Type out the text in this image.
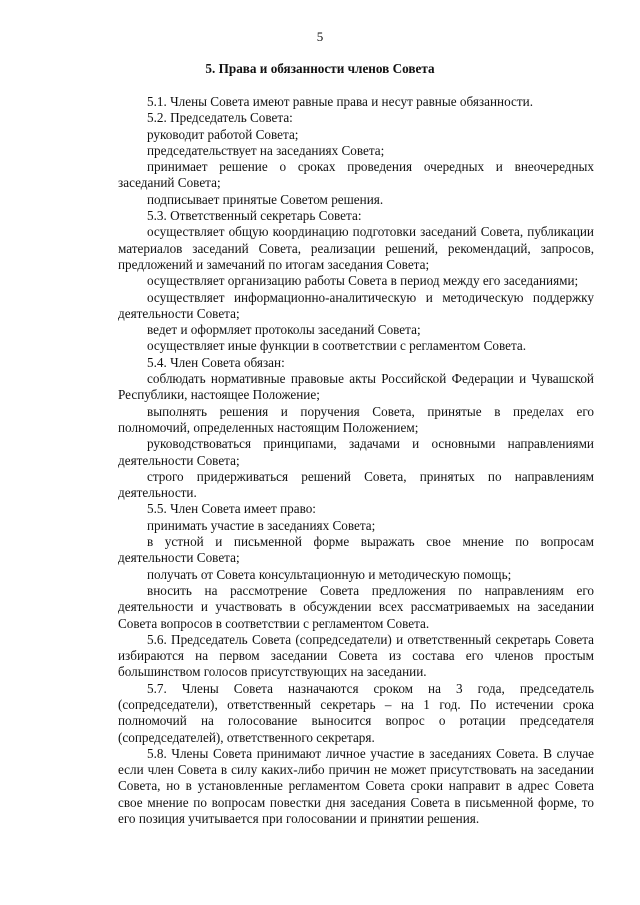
5
5. Права и обязанности членов Совета

5.1. Члены Совета имеют равные права и несут равные обязанности.

5.2. Председатель Совета:

руководит работой Совета;

председательствует на заседаниях Совета;

принимает решение о сроках проведения очередных и внеочередных заседаний Совета;

подписывает принятые Советом решения.

5.3. Ответственный секретарь Совета:

осуществляет общую координацию подготовки заседаний Совета, публикации материалов заседаний Совета, реализации решений, рекомендаций, запросов, предложений и замечаний по итогам заседания Совета;

осуществляет организацию работы Совета в период между его заседаниями;

осуществляет информационно-аналитическую и методическую поддержку деятельности Совета;

ведет и оформляет протоколы заседаний Совета;

осуществляет иные функции в соответствии с регламентом Совета.

5.4. Член Совета обязан:

соблюдать нормативные правовые акты Российской Федерации и Чувашской Республики, настоящее Положение;

выполнять решения и поручения Совета, принятые в пределах его полномочий, определенных настоящим Положением;

руководствоваться принципами, задачами и основными направлениями деятельности Совета;

строго придерживаться решений Совета, принятых по направлениям деятельности.

5.5. Член Совета имеет право:

принимать участие в заседаниях Совета;

в устной и письменной форме выражать свое мнение по вопросам деятельности Совета;

получать от Совета консультационную и методическую помощь;

вносить на рассмотрение Совета предложения по направлениям его деятельности и участвовать в обсуждении всех рассматриваемых на заседании Совета вопросов в соответствии с регламентом Совета.

5.6. Председатель Совета (сопредседатели) и ответственный секретарь Совета избираются на первом заседании Совета из состава его членов простым большинством голосов присутствующих на заседании.

5.7. Члены Совета назначаются сроком на 3 года, председатель (сопредседатели), ответственный секретарь – на 1 год. По истечении срока полномочий на голосование выносится вопрос о ротации председателя (сопредседателей), ответственного секретаря.

5.8. Члены Совета принимают личное участие в заседаниях Совета. В случае если член Совета в силу каких-либо причин не может присутствовать на заседании Совета, но в установленные регламентом Совета сроки направит в адрес Совета свое мнение по вопросам повестки дня заседания Совета в письменной форме, то его позиция учитывается при голосовании и принятии решения.
